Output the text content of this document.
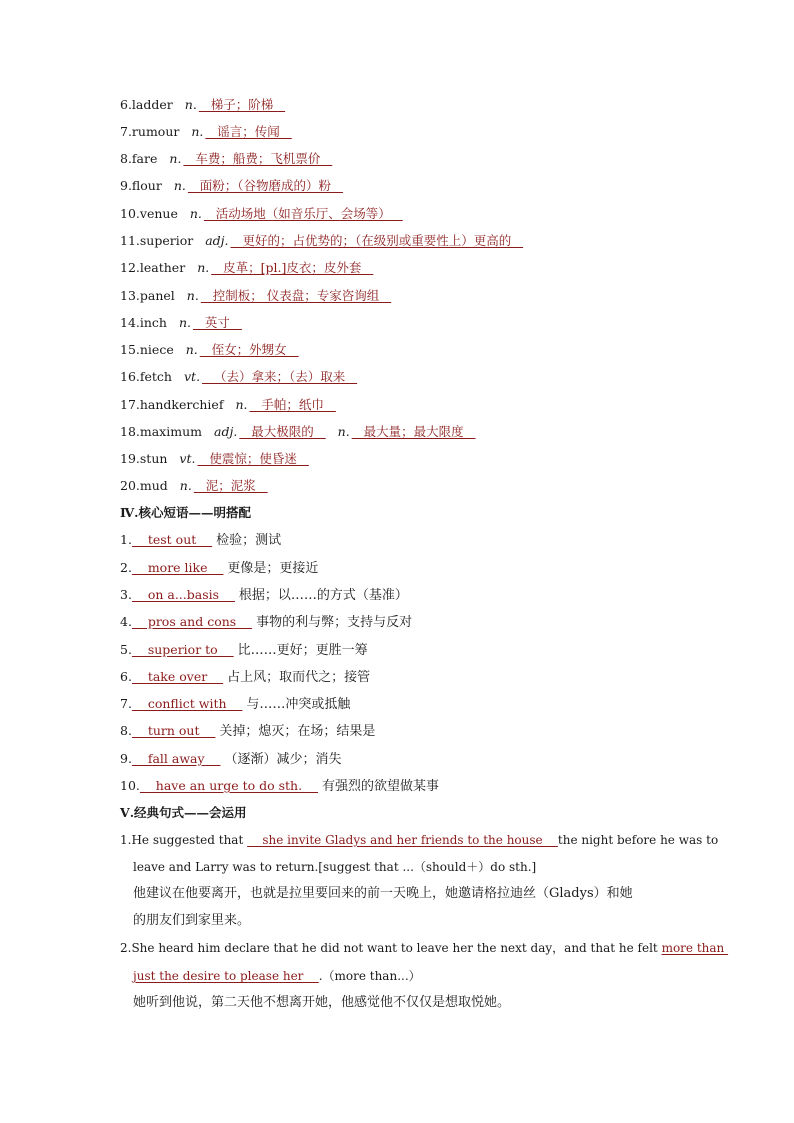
6.ladder n.   梯子；阶梯
7.rumour n.   谣言；传闻
8.fare n.   车费；船费；飞机票价
9.flour n.   面粉；（谷物磨成的）粉
10.venue n.   活动场地（如音乐厅、会场等）
11.superior adj.   更好的；占优势的；（在级别或重要性上）更高的
12.leather n.   皮革；[pl.]皮衣；皮外套
13.panel n.   控制板； 仪表盘；专家咨询组
14.inch n.   英寸
15.niece n.   侄女；外甥女
16.fetch vt.   （去）拿来；（去）取来
17.handkerchief n.   手帕；纸巾
18.maximum adj.   最大极限的   n.   最大量；最大限度
19.stun vt.   使震惊；使昏迷
20.mud n.   泥；泥浆
Ⅳ.核心短语——明搭配
1.    test out     检验；测试
2.    more like     更像是；更接近
3.    on a...basis     根据；以……的方式（基准）
4.    pros and cons     事物的利与弊；支持与反对
5.    superior to     比……更好；更胜一筹
6.    take over     占上风；取而代之；接管
7.    conflict with     与……冲突或抵触
8.    turn out     关掉；熄灭；在场；结果是
9.    fall away     （逐渐）减少；消失
10.    have an urge to do sth.     有强烈的欲望做某事
Ⅴ.经典句式——会运用
1.He suggested that     she invite Gladys and her friends to the house    the night before he was to
leave and Larry was to return.[suggest that ...（should＋）do sth.]
他建议在他要离开，也就是拉里要回来的前一天晚上，她邀请格拉迪丝（Gladys）和她
的朋友们到家里来。
2.She heard him declare that he did not want to leave her the next day，and that he felt more than
just the desire to please her    .（more than...）
她听到他说，第二天他不想离开她，他感觉他不仅仅是想取悦她。
